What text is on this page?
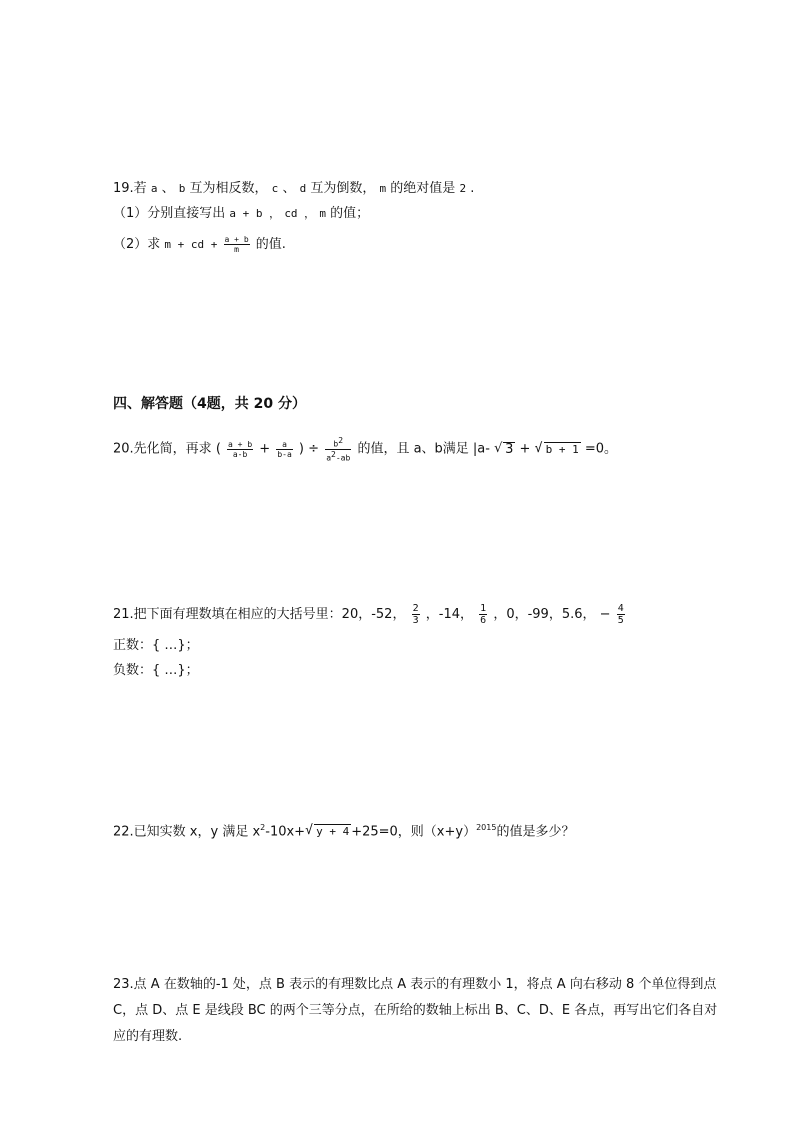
19.若 a 、 b 互为相反数， c 、 d 互为倒数， m 的绝对值是 2 .
（1）分别直接写出 a + b ， cd ， m 的值；
（2）求 m + cd + $\frac{a + b}{m}$ 的值.
四、解答题（4题，共 20 分）
20.先化简，再求 ( $\frac{a + b}{a-b} + \frac{a}{b-a}$ ) ÷ $\frac{b2}{a2-ab}$ 的值，且 a、b满足 |a- √ 3 + √ b + 1 =0。
21.把下面有理数填在相应的大括号里：20，-52， $\frac{2}{3}$ ，-14， $\frac{1}{6}$ ，0，-99，5.6， − $\frac{4}{5}$
正数：{ …}；
负数：{ …}；
22.已知实数 x，y 满足 $x^2-10x+√$ y + 4 +25=0，则$(x+y)^{2015}$的值是多少？
23.点 A 在数轴的-1 处，点 B 表示的有理数比点 A 表示的有理数小 1，将点 A 向右移动 8 个单位得到点 C，点 D、点 E 是线段 BC 的两个三等分点，在所给的数轴上标出 B、C、D、E 各点，再写出它们各自对应的有理数.
